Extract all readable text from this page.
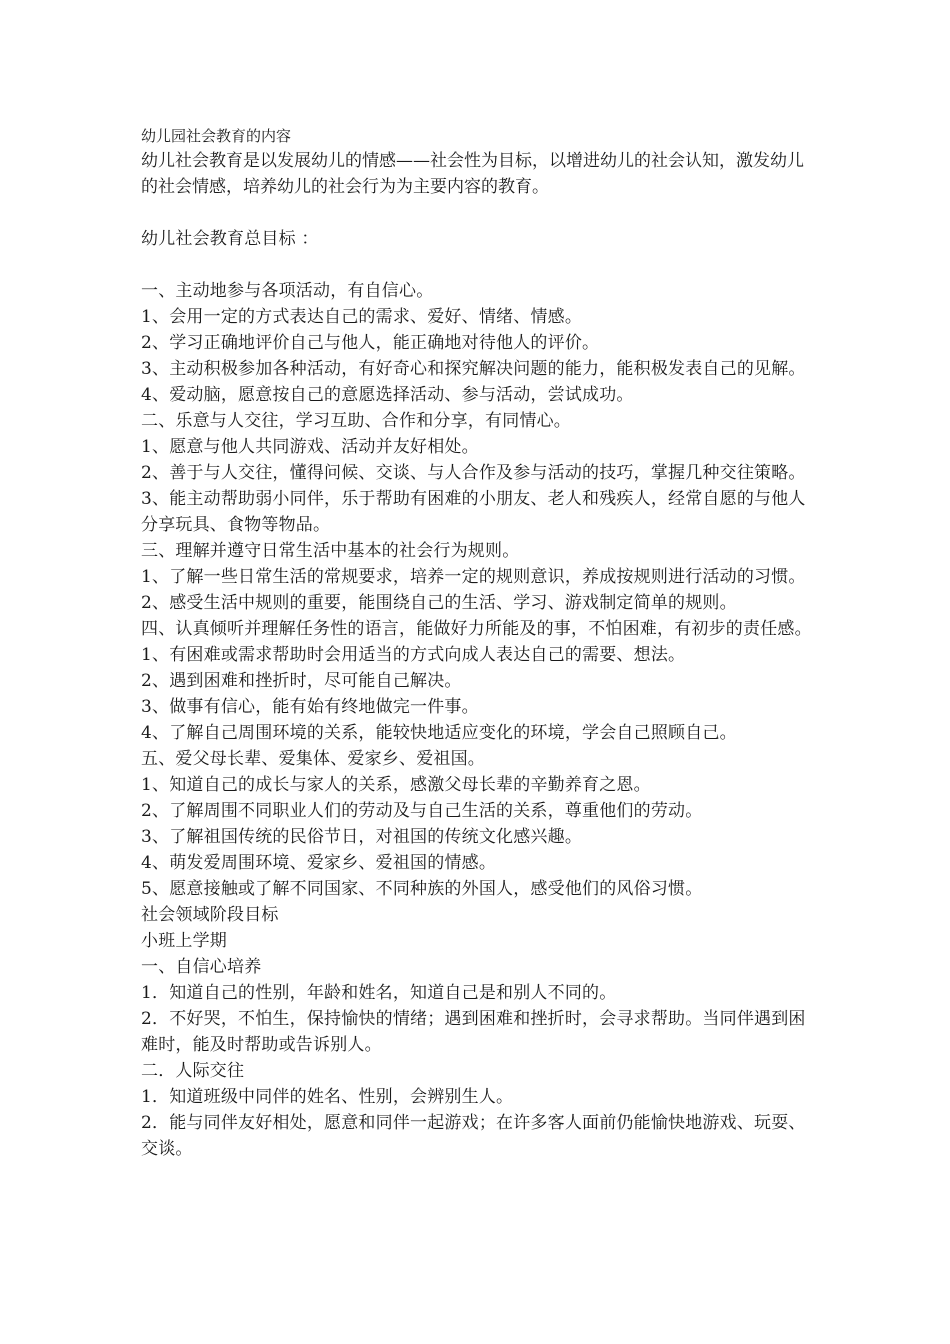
幼儿园社会教育的内容

幼儿社会教育是以发展幼儿的情感——社会性为目标，以增进幼儿的社会认知，激发幼儿的社会情感，培养幼儿的社会行为为主要内容的教育。

幼儿社会教育总目标 ：

一、主动地参与各项活动，有自信心。

1、会用一定的方式表达自己的需求、爱好、情绪、情感。

2、学习正确地评价自己与他人，能正确地对待他人的评价。

3、主动积极参加各种活动，有好奇心和探究解决问题的能力，能积极发表自己的见解。

4、爱动脑，愿意按自己的意愿选择活动、参与活动，尝试成功。

二、乐意与人交往，学习互助、合作和分享，有同情心。

1、愿意与他人共同游戏、活动并友好相处。

2、善于与人交往，懂得问候、交谈、与人合作及参与活动的技巧，掌握几种交往策略。

3、能主动帮助弱小同伴，乐于帮助有困难的小朋友、老人和残疾人，经常自愿的与他人分享玩具、食物等物品。

三、理解并遵守日常生活中基本的社会行为规则。

1、了解一些日常生活的常规要求，培养一定的规则意识，养成按规则进行活动的习惯。

2、感受生活中规则的重要，能围绕自己的生活、学习、游戏制定简单的规则。

四、认真倾听并理解任务性的语言，能做好力所能及的事，不怕困难，有初步的责任感。

1、有困难或需求帮助时会用适当的方式向成人表达自己的需要、想法。

2、遇到困难和挫折时，尽可能自己解决。

3、做事有信心，能有始有终地做完一件事。

4、了解自己周围环境的关系，能较快地适应变化的环境，学会自己照顾自己。

五、爱父母长辈、爱集体、爱家乡、爱祖国。

1、知道自己的成长与家人的关系，感激父母长辈的辛勤养育之恩。

2、了解周围不同职业人们的劳动及与自己生活的关系，尊重他们的劳动。

3、了解祖国传统的民俗节日，对祖国的传统文化感兴趣。

4、萌发爱周围环境、爱家乡、爱祖国的情感。

5、愿意接触或了解不同国家、不同种族的外国人，感受他们的风俗习惯。

社会领域阶段目标

小班上学期

一、自信心培养

1．知道自己的性别，年龄和姓名，知道自己是和别人不同的。

2．不好哭，不怕生，保持愉快的情绪；遇到困难和挫折时，会寻求帮助。当同伴遇到困难时，能及时帮助或告诉别人。

二．人际交往

1．知道班级中同伴的姓名、性别，会辨别生人。

2．能与同伴友好相处，愿意和同伴一起游戏；在许多客人面前仍能愉快地游戏、玩耍、交谈。
